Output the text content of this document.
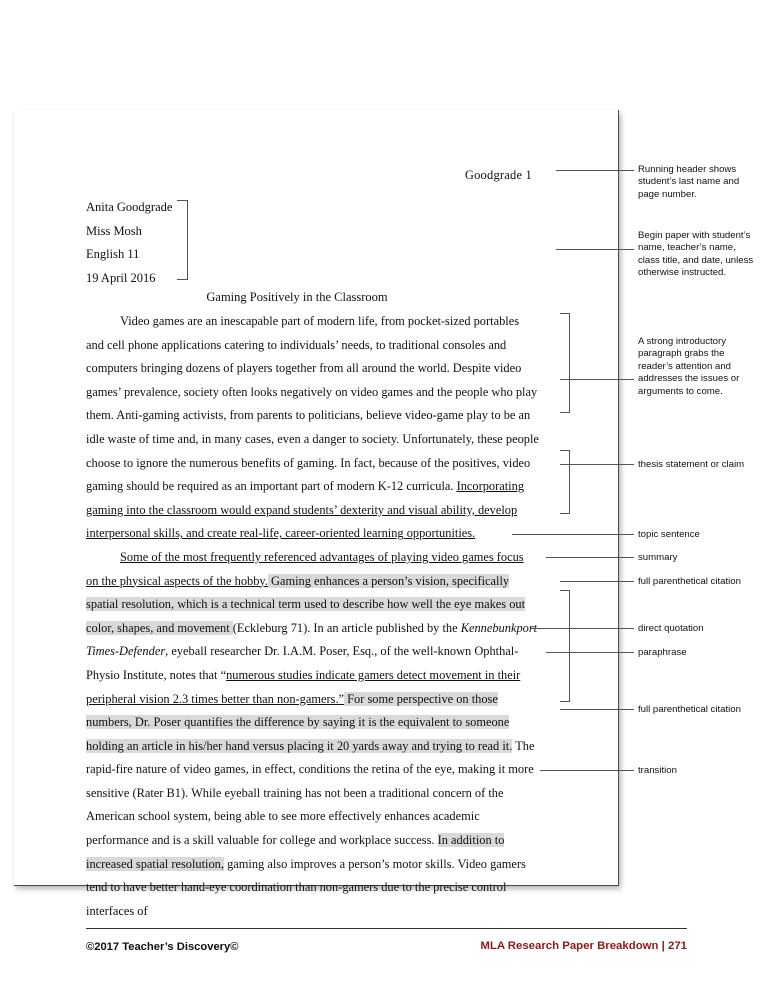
Goodgrade 1
Anita Goodgrade
Miss Mosh
English 11
19 April 2016
Gaming Positively in the Classroom

Video games are an inescapable part of modern life, from pocket-sized portables and cell phone applications catering to individuals’ needs, to traditional consoles and computers bringing dozens of players together from all around the world. Despite video games’ prevalence, society often looks negatively on video games and the people who play them. Anti-gaming activists, from parents to politicians, believe video-game play to be an idle waste of time and, in many cases, even a danger to society. Unfortunately, these people choose to ignore the numerous benefits of gaming. In fact, because of the positives, video gaming should be required as an important part of modern K-12 curricula. Incorporating gaming into the classroom would expand students’ dexterity and visual ability, develop interpersonal skills, and create real-life, career-oriented learning opportunities.

Some of the most frequently referenced advantages of playing video games focus on the physical aspects of the hobby. Gaming enhances a person’s vision, specifically spatial resolution, which is a technical term used to describe how well the eye makes out color, shapes, and movement (Eckleburg 71). In an article published by the Kennebunkport Times-Defender, eyeball researcher Dr. I.A.M. Poser, Esq., of the well-known Ophthal-Physio Institute, notes that “numerous studies indicate gamers detect movement in their peripheral vision 2.3 times better than non-gamers.” For some perspective on those numbers, Dr. Poser quantifies the difference by saying it is the equivalent to someone holding an article in his/her hand versus placing it 20 yards away and trying to read it. The rapid-fire nature of video games, in effect, conditions the retina of the eye, making it more sensitive (Rater B1). While eyeball training has not been a traditional concern of the American school system, being able to see more effectively enhances academic performance and is a skill valuable for college and workplace success. In addition to increased spatial resolution, gaming also improves a person’s motor skills. Video gamers tend to have better hand-eye coordination than non-gamers due to the precise control interfaces of

Running header shows student’s last name and page number.
Begin paper with student’s name, teacher’s name, class title, and date, unless otherwise instructed.
A strong introductory paragraph grabs the reader’s attention and addresses the issues or arguments to come.
thesis statement or claim
topic sentence
summary
full parenthetical citation
direct quotation
paraphrase
full parenthetical citation
transition
©2017 Teacher’s Discovery©	MLA Research Paper Breakdown | 271
